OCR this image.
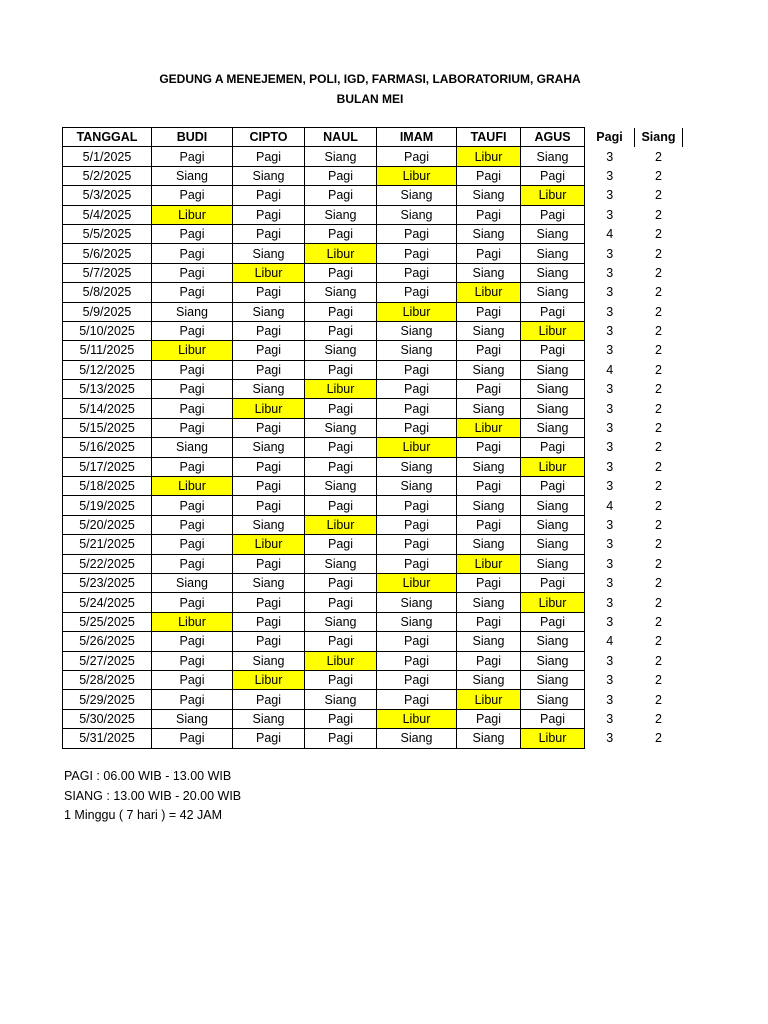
GEDUNG A MENEJEMEN, POLI, IGD, FARMASI, LABORATORIUM, GRAHA
BULAN MEI
TANGGAL	BUDI	CIPTO	NAUL	IMAM	TAUFI	AGUS	Pagi	Siang
5/1/2025	Pagi	Pagi	Siang	Pagi	Libur	Siang	3	2
5/2/2025	Siang	Siang	Pagi	Libur	Pagi	Pagi	3	2
5/3/2025	Pagi	Pagi	Pagi	Siang	Siang	Libur	3	2
5/4/2025	Libur	Pagi	Siang	Siang	Pagi	Pagi	3	2
5/5/2025	Pagi	Pagi	Pagi	Pagi	Siang	Siang	4	2
5/6/2025	Pagi	Siang	Libur	Pagi	Pagi	Siang	3	2
5/7/2025	Pagi	Libur	Pagi	Pagi	Siang	Siang	3	2
5/8/2025	Pagi	Pagi	Siang	Pagi	Libur	Siang	3	2
5/9/2025	Siang	Siang	Pagi	Libur	Pagi	Pagi	3	2
5/10/2025	Pagi	Pagi	Pagi	Siang	Siang	Libur	3	2
5/11/2025	Libur	Pagi	Siang	Siang	Pagi	Pagi	3	2
5/12/2025	Pagi	Pagi	Pagi	Pagi	Siang	Siang	4	2
5/13/2025	Pagi	Siang	Libur	Pagi	Pagi	Siang	3	2
5/14/2025	Pagi	Libur	Pagi	Pagi	Siang	Siang	3	2
5/15/2025	Pagi	Pagi	Siang	Pagi	Libur	Siang	3	2
5/16/2025	Siang	Siang	Pagi	Libur	Pagi	Pagi	3	2
5/17/2025	Pagi	Pagi	Pagi	Siang	Siang	Libur	3	2
5/18/2025	Libur	Pagi	Siang	Siang	Pagi	Pagi	3	2
5/19/2025	Pagi	Pagi	Pagi	Pagi	Siang	Siang	4	2
5/20/2025	Pagi	Siang	Libur	Pagi	Pagi	Siang	3	2
5/21/2025	Pagi	Libur	Pagi	Pagi	Siang	Siang	3	2
5/22/2025	Pagi	Pagi	Siang	Pagi	Libur	Siang	3	2
5/23/2025	Siang	Siang	Pagi	Libur	Pagi	Pagi	3	2
5/24/2025	Pagi	Pagi	Pagi	Siang	Siang	Libur	3	2
5/25/2025	Libur	Pagi	Siang	Siang	Pagi	Pagi	3	2
5/26/2025	Pagi	Pagi	Pagi	Pagi	Siang	Siang	4	2
5/27/2025	Pagi	Siang	Libur	Pagi	Pagi	Siang	3	2
5/28/2025	Pagi	Libur	Pagi	Pagi	Siang	Siang	3	2
5/29/2025	Pagi	Pagi	Siang	Pagi	Libur	Siang	3	2
5/30/2025	Siang	Siang	Pagi	Libur	Pagi	Pagi	3	2
5/31/2025	Pagi	Pagi	Pagi	Siang	Siang	Libur	3	2
PAGI : 06.00 WIB - 13.00 WIB
SIANG : 13.00 WIB - 20.00 WIB
1 Minggu ( 7 hari ) = 42 JAM
